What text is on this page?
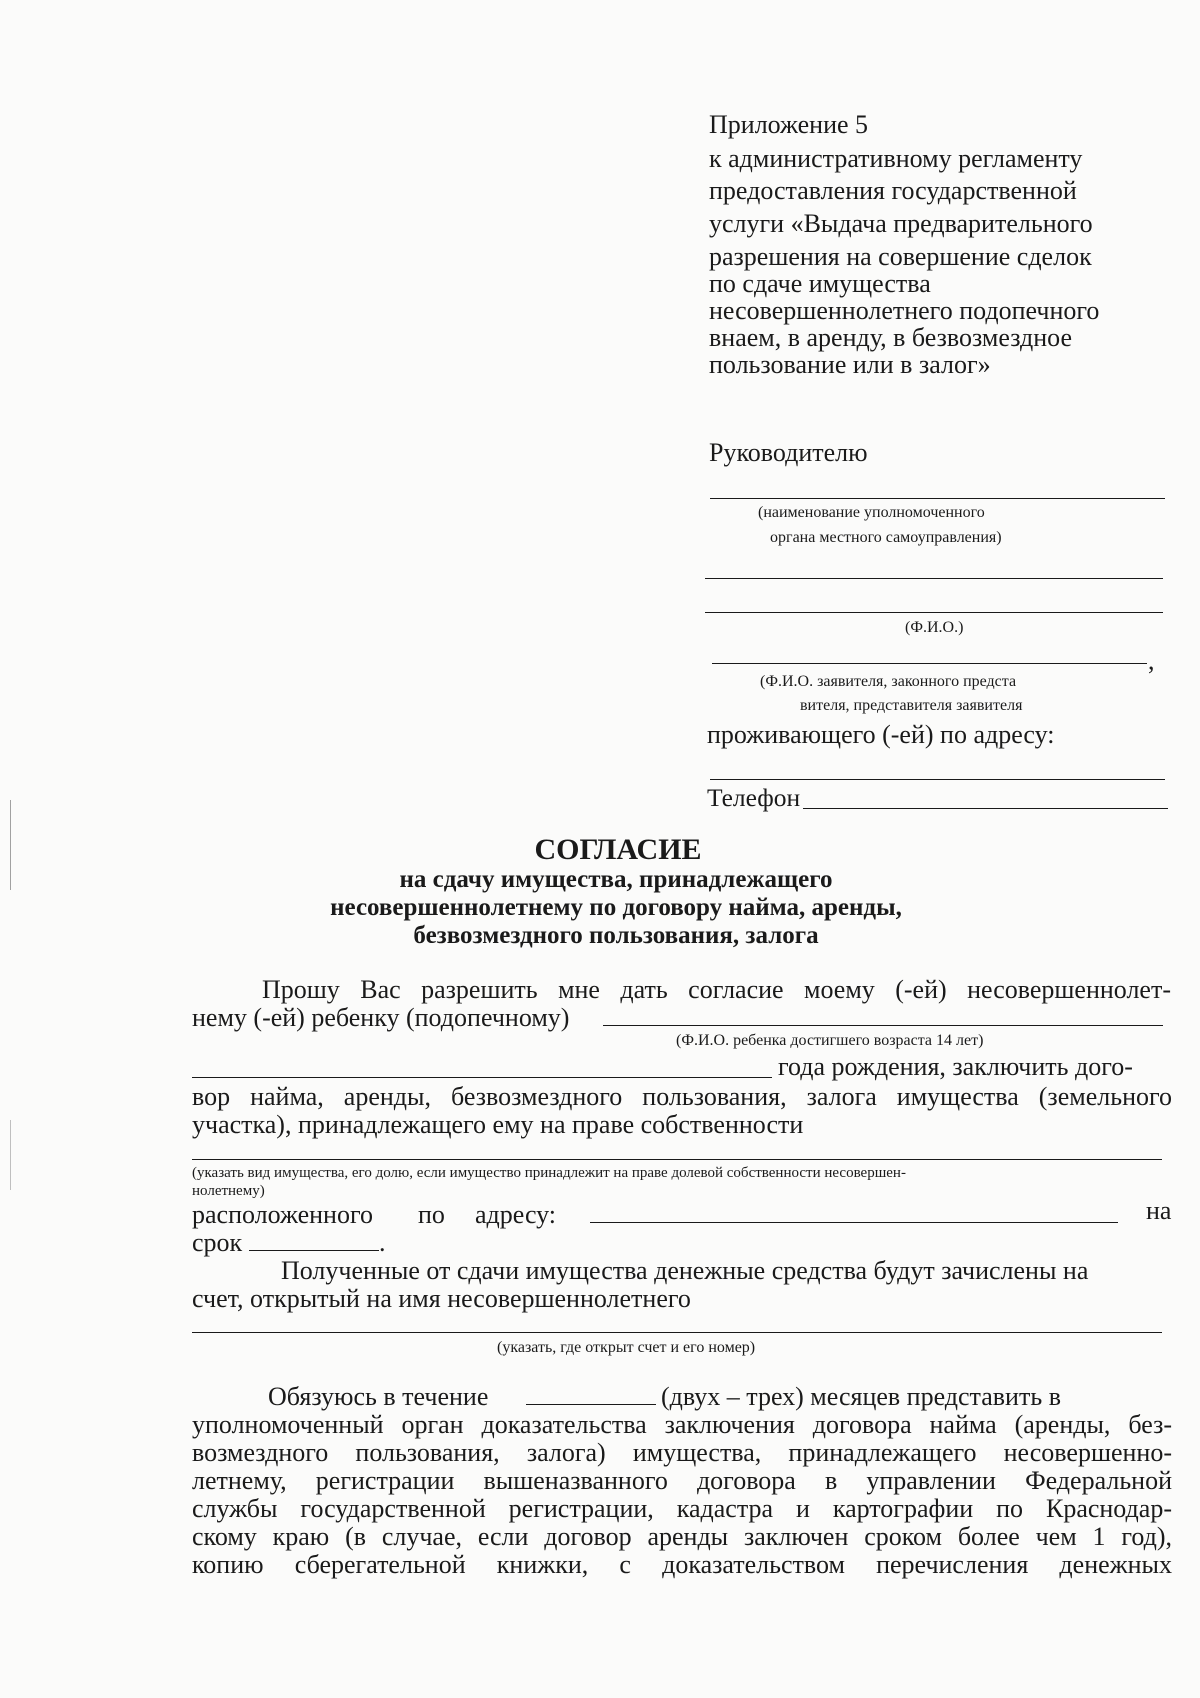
Приложение 5
к административному регламенту
предоставления государственной
услуги «Выдача предварительного
разрешения на совершение сделок
по сдаче имущества
несовершеннолетнего подопечного
внаем, в аренду, в безвозмездное
пользование или в залог»
Руководителю
(наименование уполномоченного
органа местного самоуправления)
(Ф.И.О.)
,
(Ф.И.О. заявителя, законного предста
вителя, представителя заявителя
проживающего (-ей) по адресу:
Телефон
СОГЛАСИЕ
на сдачу имущества, принадлежащего
несовершеннолетнему по договору найма, аренды,
безвозмездного пользования, залога
Прошу Вас разрешить мне дать согласие моему (-ей) несовершеннолет-
нему (-ей) ребенку (подопечному)
(Ф.И.О. ребенка достигшего возраста 14 лет)
года рождения, заключить дого-
вор найма, аренды, безвозмездного пользования, залога имущества (земельного
участка), принадлежащего ему на праве собственности
(указать вид имущества, его долю, если имущество принадлежит на праве долевой собственности несовершен-
нолетнему)
расположенного по адресу:	на
срок	.
Полученные от сдачи имущества денежные средства будут зачислены на
счет, открытый на имя несовершеннолетнего
(указать, где открыт счет и его номер)
Обязуюсь в течение	(двух – трех) месяцев представить в
уполномоченный орган доказательства заключения договора найма (аренды, без-
возмездного пользования, залога) имущества, принадлежащего несовершенно-
летнему, регистрации вышеназванного договора в управлении Федеральной
службы государственной регистрации, кадастра и картографии по Краснодар-
скому краю (в случае, если договор аренды заключен сроком более чем 1 год),
копию сберегательной книжки, с доказательством перечисления денежных
